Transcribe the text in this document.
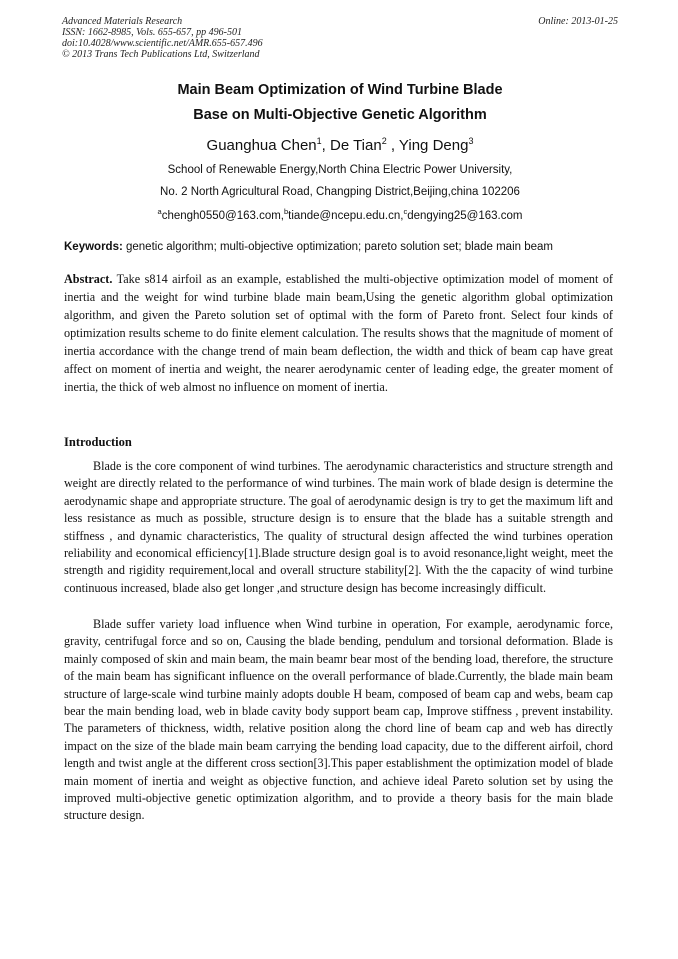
Advanced Materials Research
ISSN: 1662-8985, Vols. 655-657, pp 496-501
doi:10.4028/www.scientific.net/AMR.655-657.496
© 2013 Trans Tech Publications Ltd, Switzerland
Online: 2013-01-25
Main Beam Optimization of Wind Turbine Blade
Base on Multi-Objective Genetic Algorithm
Guanghua Chen$^1$, De Tian$^2$ , Ying Deng$^3$
School of Renewable Energy,North China Electric Power University,
No. 2 North Agricultural Road, Changping District,Beijing,china 102206
$^a$chengh0550@163.com,$^b$tiande@ncepu.edu.cn,$^c$dengying25@163.com
Keywords: genetic algorithm; multi-objective optimization; pareto solution set; blade main beam

Abstract. Take s814 airfoil as an example, established the multi-objective optimization model of moment of inertia and the weight for wind turbine blade main beam,Using the genetic algorithm global optimization algorithm, and given the Pareto solution set of optimal with the form of Pareto front. Select four kinds of optimization results scheme to do finite element calculation. The results shows that the magnitude of moment of inertia accordance with the change trend of main beam deflection, the width and thick of beam cap have great affect on moment of inertia and weight, the nearer aerodynamic center of leading edge, the greater moment of inertia, the thick of web almost no influence on moment of inertia.

Introduction

Blade is the core component of wind turbines. The aerodynamic characteristics and structure strength and weight are directly related to the performance of wind turbines. The main work of blade design is determine the aerodynamic shape and appropriate structure. The goal of aerodynamic design is try to get the maximum lift and less resistance as much as possible, structure design is to ensure that the blade has a suitable strength and stiffness , and dynamic characteristics, The quality of structural design affected the wind turbines operation reliability and economical efficiency[1].Blade structure design goal is to avoid resonance,light weight, meet the strength and rigidity requirement,local and overall structure stability[2]. With the the capacity of wind turbine continuous increased, blade also get longer ,and structure design has become increasingly difficult.

Blade suffer variety load influence when Wind turbine in operation, For example, aerodynamic force, gravity, centrifugal force and so on, Causing the blade bending, pendulum and torsional deformation. Blade is mainly composed of skin and main beam, the main beamr bear most of the bending load, therefore, the structure of the main beam has significant influence on the overall performance of blade.Currently, the blade main beam structure of large-scale wind turbine mainly adopts double H beam, composed of beam cap and webs, beam cap bear the main bending load, web in blade cavity body support beam cap, Improve stiffness , prevent instability. The parameters of thickness, width, relative position along the chord line of beam cap and web has directly impact on the size of the blade main beam carrying the bending load capacity, due to the different airfoil, chord length and twist angle at the different cross section[3].This paper establishment the optimization model of blade main moment of inertia and weight as objective function, and achieve ideal Pareto solution set by using the improved multi-objective genetic optimization algorithm, and to provide a theory basis for the main blade structure design.
